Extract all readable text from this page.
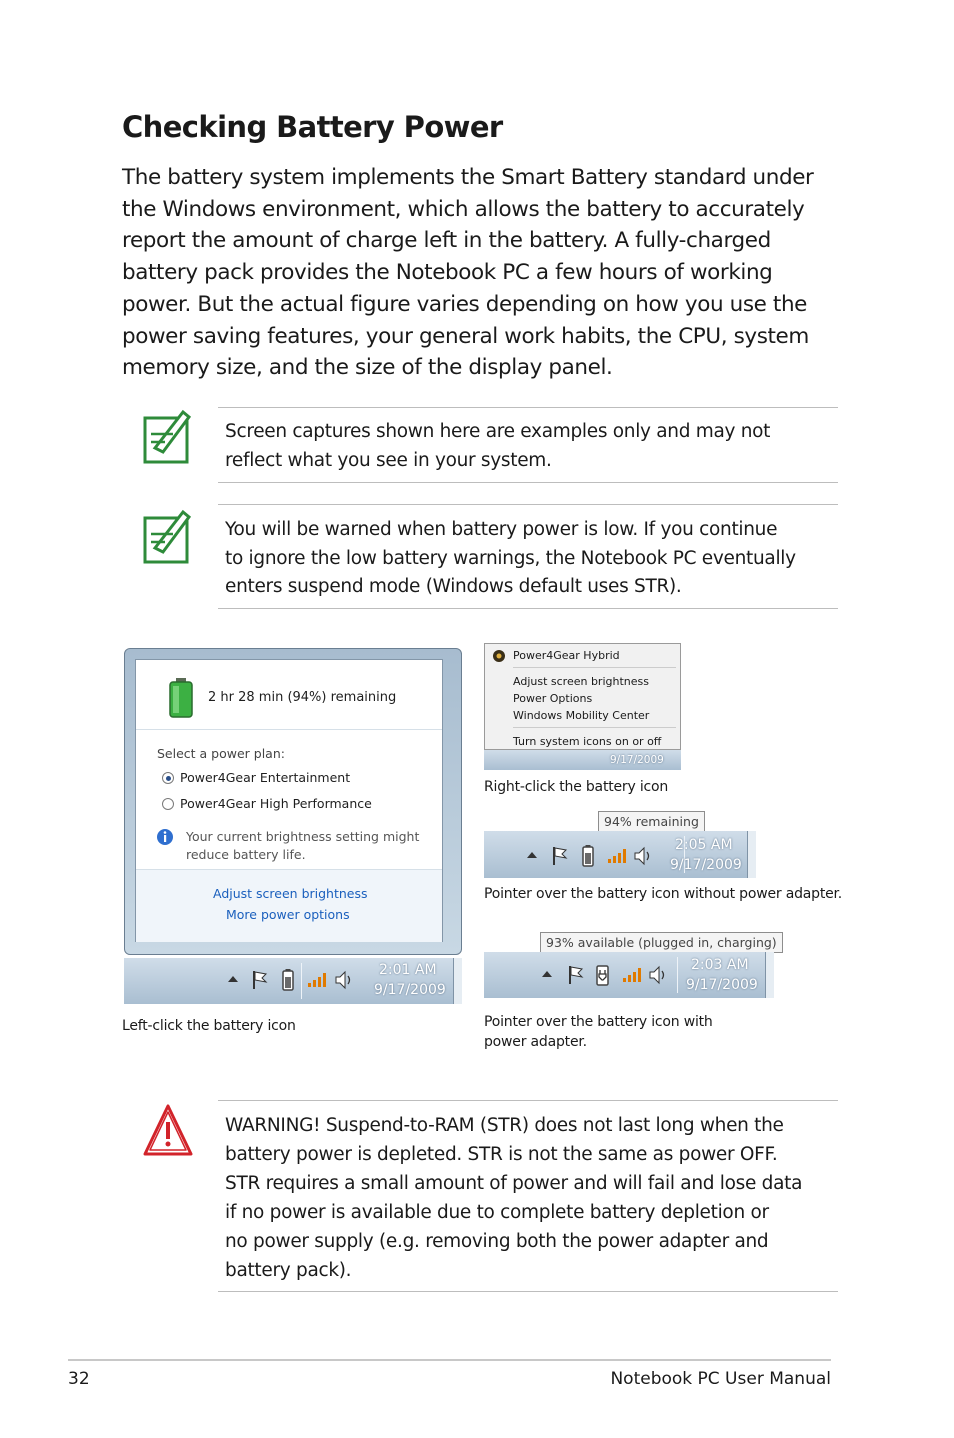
Checking Battery Power
The battery system implements the Smart Battery standard under
the Windows environment, which allows the battery to accurately
report the amount of charge left in the battery. A fully-charged
battery pack provides the Notebook PC a few hours of working
power. But the actual figure varies depending on how you use the
power saving features, your general work habits, the CPU, system
memory size, and the size of the display panel.
Screen captures shown here are examples only and may not
reflect what you see in your system.
You will be warned when battery power is low. If you continue
to ignore the low battery warnings, the Notebook PC eventually
enters suspend mode (Windows default uses STR).
2 hr 28 min (94%) remaining
Select a power plan:
Power4Gear Entertainment
Power4Gear High Performance
Your current brightness setting might
reduce battery life.
Adjust screen brightness
More power options
2:01 AM
9/17/2009
Left-click the battery icon
Power4Gear Hybrid
Adjust screen brightness
Power Options
Windows Mobility Center
Turn system icons on or off
9/17/2009
Right-click the battery icon
94% remaining
2:05 AM
9/17/2009
Pointer over the battery icon without power adapter.
93% available (plugged in, charging)
2:03 AM
9/17/2009
Pointer over the battery icon with
power adapter.
WARNING! Suspend-to-RAM (STR) does not last long when the
battery power is depleted. STR is not the same as power OFF.
STR requires a small amount of power and will fail and lose data
if no power is available due to complete battery depletion or
no power supply (e.g. removing both the power adapter and
battery pack).
32	Notebook PC User Manual
